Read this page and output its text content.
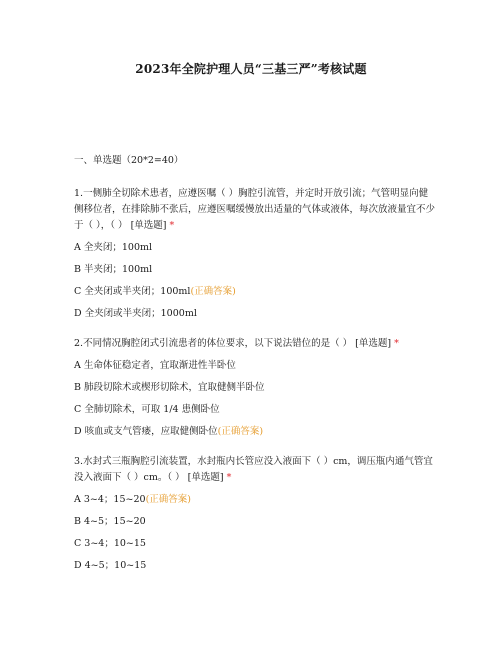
2023年全院护理人员“三基三严”考核试题
一、单选题（20*2=40）
1.一侧肺全切除术患者，应遵医嘱（ ）胸腔引流管，并定时开放引流；气管明显向健侧移位者，在排除肺不张后，应遵医嘱缓慢放出适量的气体或液体，每次放液量宜不少于（ ），（ ） [单选题] *
A 全夹闭；100ml
B 半夹闭；100ml
C 全夹闭或半夹闭；100ml(正确答案)
D 全夹闭或半夹闭；1000ml
2.不同情况胸腔闭式引流患者的体位要求，以下说法错位的是（ ） [单选题] *
A 生命体征稳定者，宜取渐进性半卧位
B 肺段切除术或楔形切除术，宜取健侧半卧位
C 全肺切除术，可取 1/4 患侧卧位
D 咳血或支气管瘘，应取健侧卧位(正确答案)
3.水封式三瓶胸腔引流装置，水封瓶内长管应没入液面下（ ）cm，调压瓶内通气管宜没入液面下（ ）cm。（ ） [单选题] *
A 3~4；15~20(正确答案)
B 4~5；15~20
C 3~4；10~15
D 4~5；10~15
